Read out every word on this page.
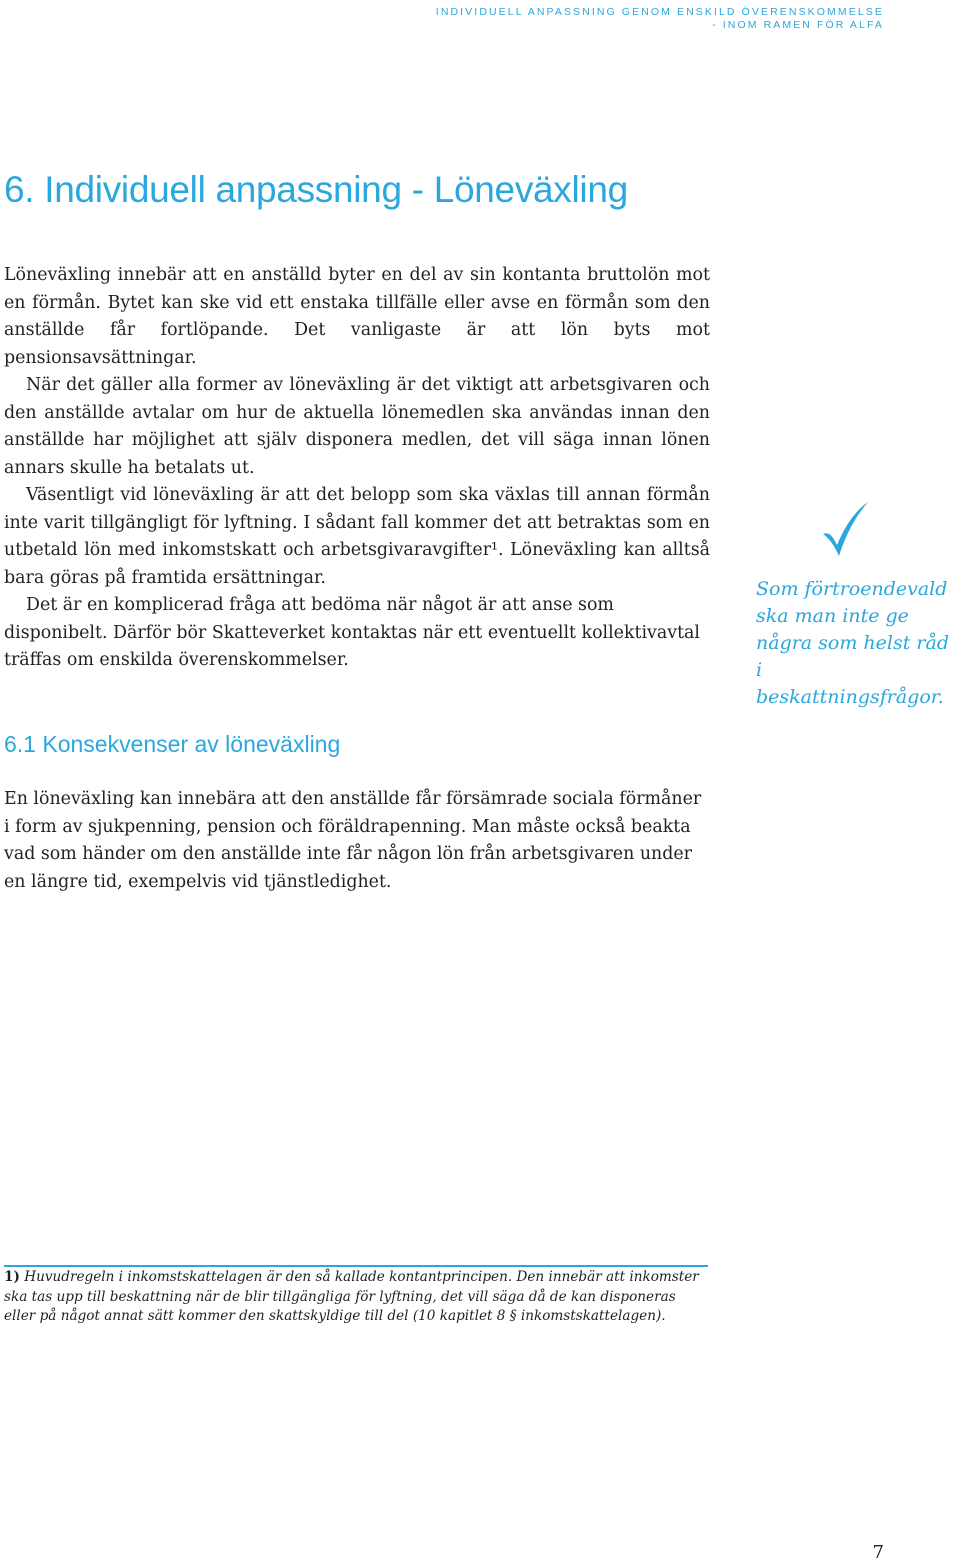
INDIVIDUELL ANPASSNING GENOM ENSKILD ÖVERENSKOMMELSE
- INOM RAMEN FÖR ALFA
6. Individuell anpassning - Löneväxling

Löneväxling innebär att en anställd byter en del av sin kontanta bruttolön mot en förmån. Bytet kan ske vid ett enstaka tillfälle eller avse en förmån som den anställde får fortlöpande. Det vanligaste är att lön byts mot pensionsavsättningar.

När det gäller alla former av löneväxling är det viktigt att arbetsgivaren och den anställde avtalar om hur de aktuella lönemedlen ska användas innan den anställde har möjlighet att själv disponera medlen, det vill säga innan lönen annars skulle ha betalats ut.

Väsentligt vid löneväxling är att det belopp som ska växlas till annan förmån inte varit tillgängligt för lyftning. I sådant fall kommer det att betraktas som en utbetald lön med inkomstskatt och arbetsgivaravgifter¹. Löneväxling kan alltså bara göras på framtida ersättningar.

Det är en komplicerad fråga att bedöma när något är att anse som disponibelt. Därför bör Skatteverket kontaktas när ett eventuellt kollektivavtal träffas om enskilda överenskommelser.

Som förtroendevald
ska man inte ge
några som helst råd i
beskattningsfrågor.
6.1 Konsekvenser av löneväxling

En löneväxling kan innebära att den anställde får försämrade sociala förmåner i form av sjukpenning, pension och föräldrapenning. Man måste också beakta vad som händer om den anställde inte får någon lön från arbetsgivaren under en längre tid, exempelvis vid tjänstledighet.

1) Huvudregeln i inkomstskattelagen är den så kallade kontantprincipen. Den innebär att inkomster ska tas upp till beskattning när de blir tillgängliga för lyftning, det vill säga då de kan disponeras eller på något annat sätt kommer den skattskyldige till del (10 kapitlet 8 § inkomstskattelagen).

7
